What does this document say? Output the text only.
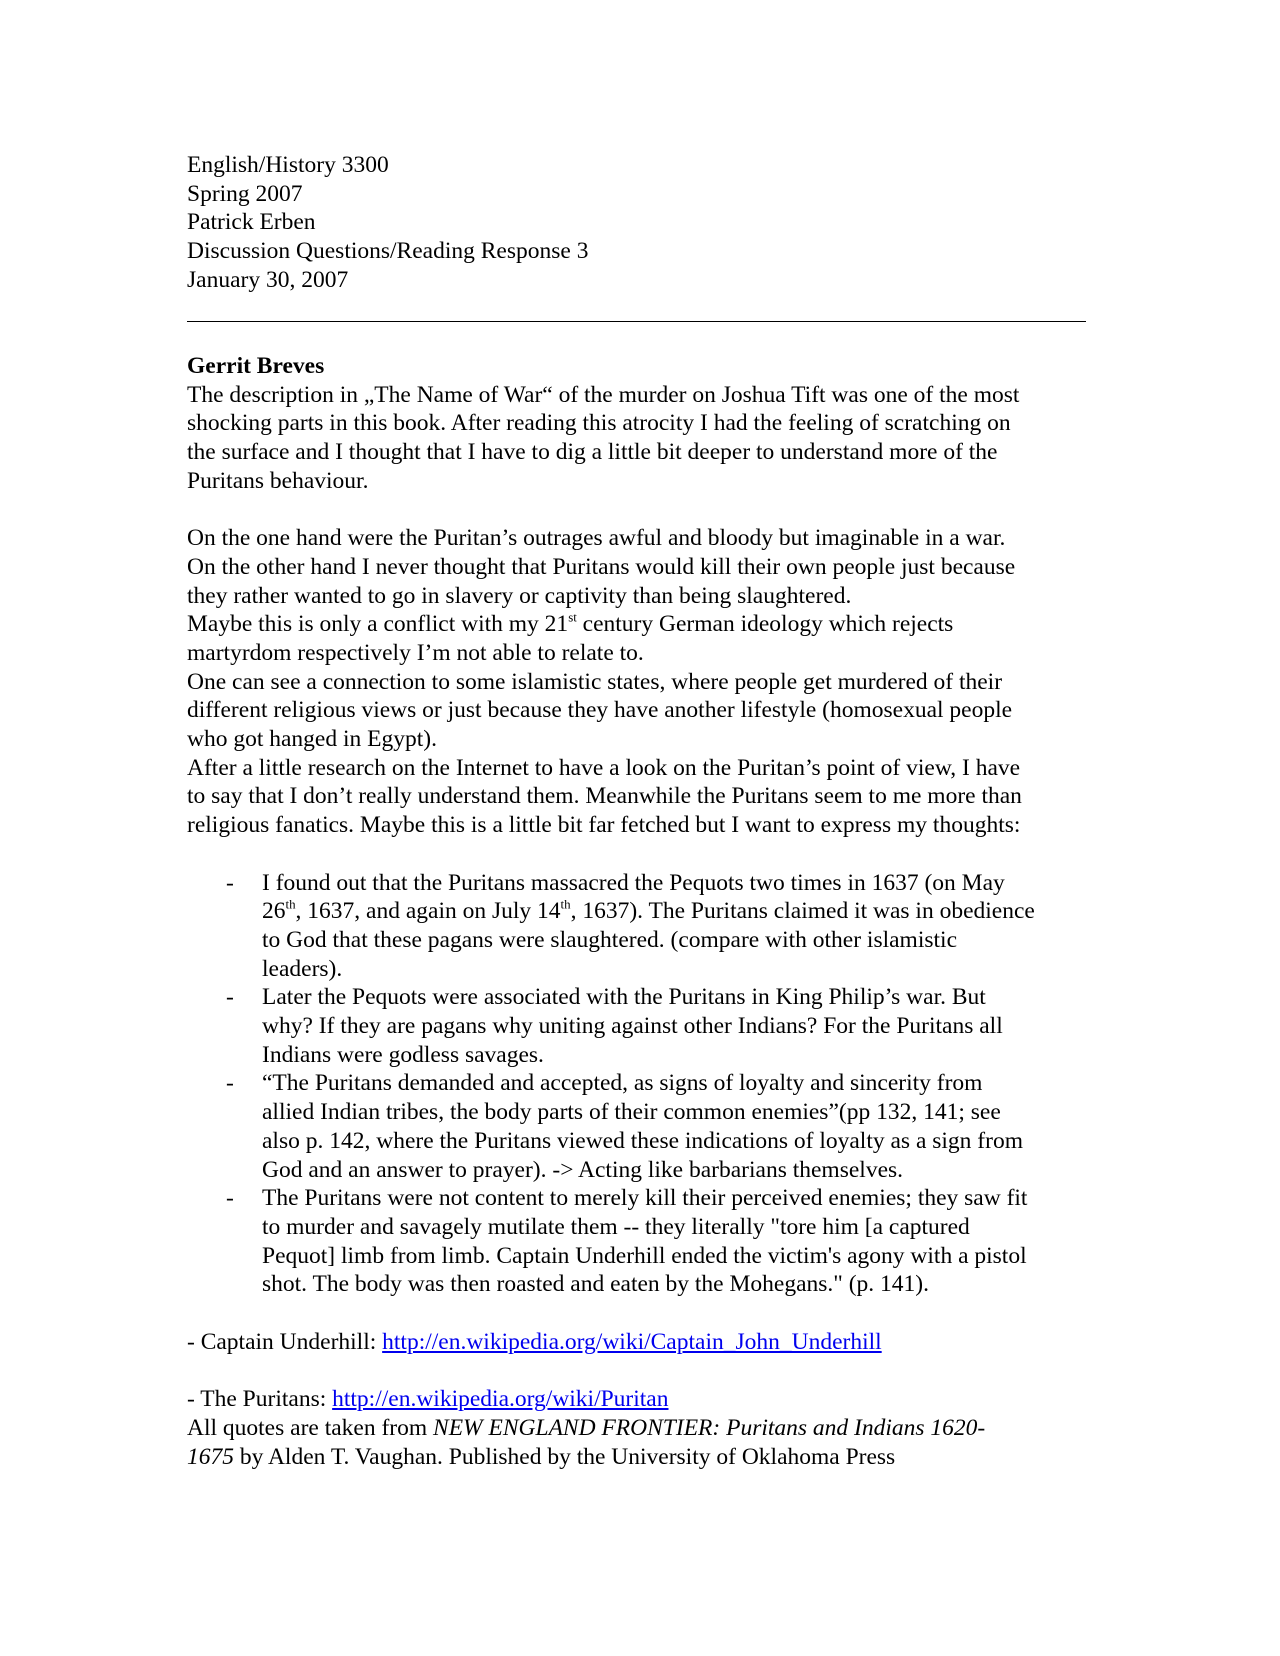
English/History 3300

Spring 2007

Patrick Erben

Discussion Questions/Reading Response 3

January 30, 2007

Gerrit Breves

The description in „The Name of War“ of the murder on Joshua Tift was one of the most

shocking parts in this book. After reading this atrocity I had the feeling of scratching on

the surface and I thought that I have to dig a little bit deeper to understand more of the

Puritans behaviour.

On the one hand were the Puritan’s outrages awful and bloody but imaginable in a war.

On the other hand I never thought that Puritans would kill their own people just because

they rather wanted to go in slavery or captivity than being slaughtered.

Maybe this is only a conflict with my 21st century German ideology which rejects

martyrdom respectively I’m not able to relate to.

One can see a connection to some islamistic states, where people get murdered of their

different religious views or just because they have another lifestyle (homosexual people

who got hanged in Egypt).

After a little research on the Internet to have a look on the Puritan’s point of view, I have

to say that I don’t really understand them. Meanwhile the Puritans seem to me more than

religious fanatics. Maybe this is a little bit far fetched but I want to express my thoughts:

- I found out that the Puritans massacred the Pequots two times in 1637 (on May

26th, 1637, and again on July 14th, 1637). The Puritans claimed it was in obedience

to God that these pagans were slaughtered. (compare with other islamistic

leaders).

- Later the Pequots were associated with the Puritans in King Philip’s war. But

why? If they are pagans why uniting against other Indians? For the Puritans all

Indians were godless savages.

- “The Puritans demanded and accepted, as signs of loyalty and sincerity from

allied Indian tribes, the body parts of their common enemies”(pp 132, 141; see

also p. 142, where the Puritans viewed these indications of loyalty as a sign from

God and an answer to prayer). -> Acting like barbarians themselves.

- The Puritans were not content to merely kill their perceived enemies; they saw fit

to murder and savagely mutilate them -- they literally "tore him [a captured

Pequot] limb from limb. Captain Underhill ended the victim's agony with a pistol

shot. The body was then roasted and eaten by the Mohegans." (p. 141).

- Captain Underhill: http://en.wikipedia.org/wiki/Captain_John_Underhill

- The Puritans: http://en.wikipedia.org/wiki/Puritan

All quotes are taken from NEW ENGLAND FRONTIER: Puritans and Indians 1620-

1675 by Alden T. Vaughan. Published by the University of Oklahoma Press
